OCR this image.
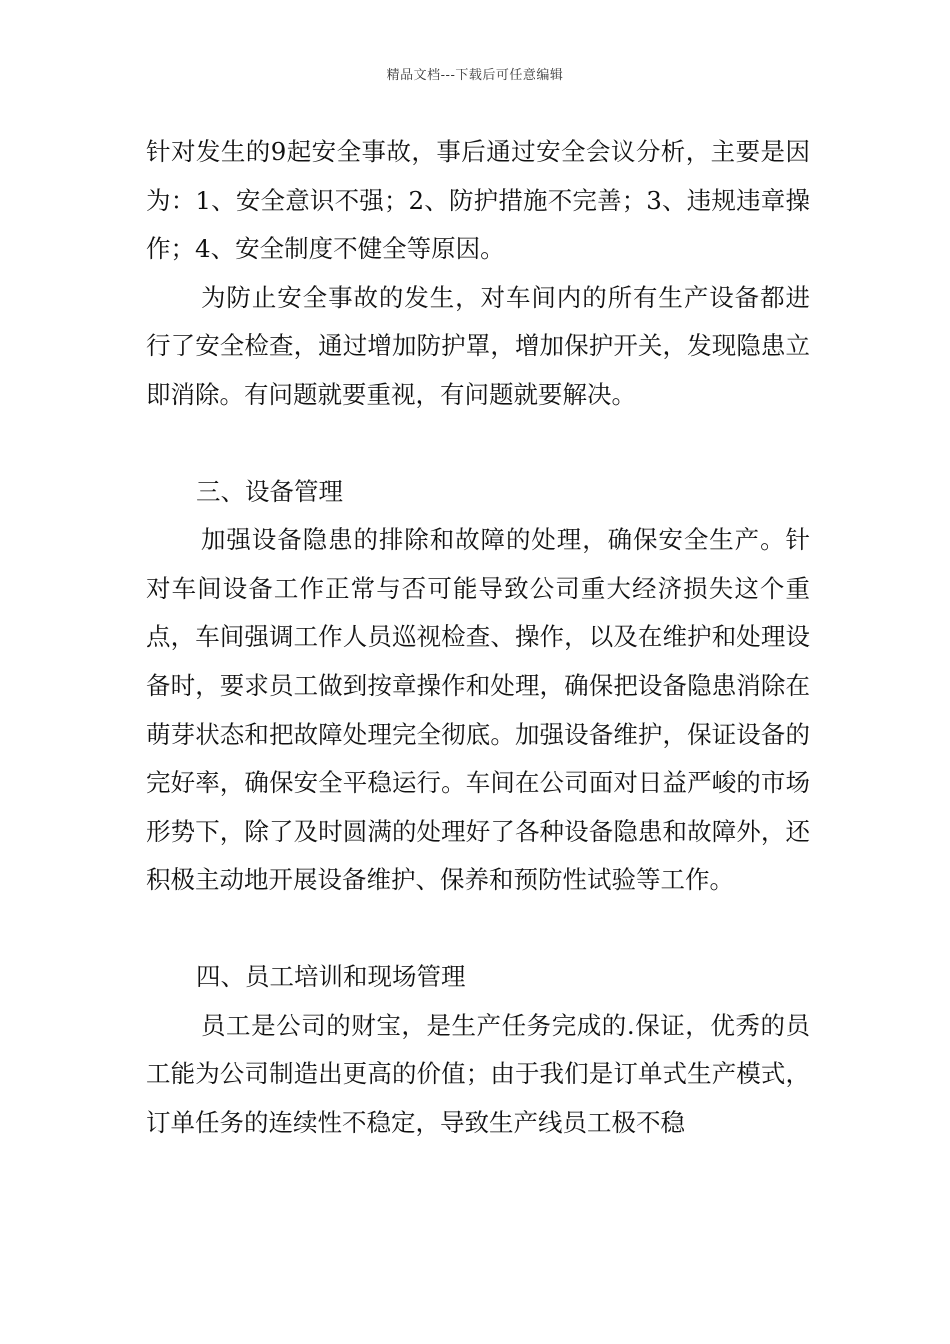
精品文档---下载后可任意编辑

针对发生的9起安全事故，事后通过安全会议分析，主要是因为：1、安全意识不强；2、防护措施不完善；3、违规违章操作；4、安全制度不健全等原因。

为防止安全事故的发生，对车间内的所有生产设备都进行了安全检查，通过增加防护罩，增加保护开关，发现隐患立即消除。有问题就要重视，有问题就要解决。

三、设备管理

加强设备隐患的排除和故障的处理，确保安全生产。针对车间设备工作正常与否可能导致公司重大经济损失这个重点，车间强调工作人员巡视检查、操作，以及在维护和处理设备时，要求员工做到按章操作和处理，确保把设备隐患消除在萌芽状态和把故障处理完全彻底。加强设备维护，保证设备的完好率，确保安全平稳运行。车间在公司面对日益严峻的市场形势下，除了及时圆满的处理好了各种设备隐患和故障外，还积极主动地开展设备维护、保养和预防性试验等工作。

四、员工培训和现场管理

员工是公司的财宝，是生产任务完成的.保证，优秀的员工能为公司制造出更高的价值；由于我们是订单式生产模式，订单任务的连续性不稳定，导致生产线员工极不稳
